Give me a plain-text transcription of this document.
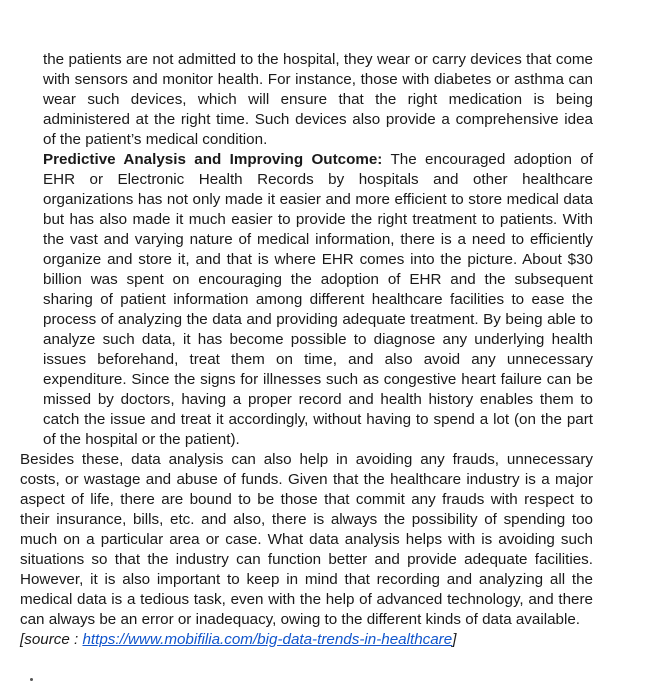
the patients are not admitted to the hospital, they wear or carry devices that come with sensors and monitor health. For instance, those with diabetes or asthma can wear such devices, which will ensure that the right medication is being administered at the right time. Such devices also provide a comprehensive idea of the patient’s medical condition.

Predictive Analysis and Improving Outcome: The encouraged adoption of EHR or Electronic Health Records by hospitals and other healthcare organizations has not only made it easier and more efficient to store medical data but has also made it much easier to provide the right treatment to patients. With the vast and varying nature of medical information, there is a need to efficiently organize and store it, and that is where EHR comes into the picture. About $30 billion was spent on encouraging the adoption of EHR and the subsequent sharing of patient information among different healthcare facilities to ease the process of analyzing the data and providing adequate treatment. By being able to analyze such data, it has become possible to diagnose any underlying health issues beforehand, treat them on time, and also avoid any unnecessary expenditure. Since the signs for illnesses such as congestive heart failure can be missed by doctors, having a proper record and health history enables them to catch the issue and treat it accordingly, without having to spend a lot (on the part of the hospital or the patient).

Besides these, data analysis can also help in avoiding any frauds, unnecessary costs, or wastage and abuse of funds. Given that the healthcare industry is a major aspect of life, there are bound to be those that commit any frauds with respect to their insurance, bills, etc. and also, there is always the possibility of spending too much on a particular area or case. What data analysis helps with is avoiding such situations so that the industry can function better and provide adequate facilities. However, it is also important to keep in mind that recording and analyzing all the medical data is a tedious task, even with the help of advanced technology, and there can always be an error or inadequacy, owing to the different kinds of data available.

[source : https://www.mobifilia.com/big-data-trends-in-healthcare]
